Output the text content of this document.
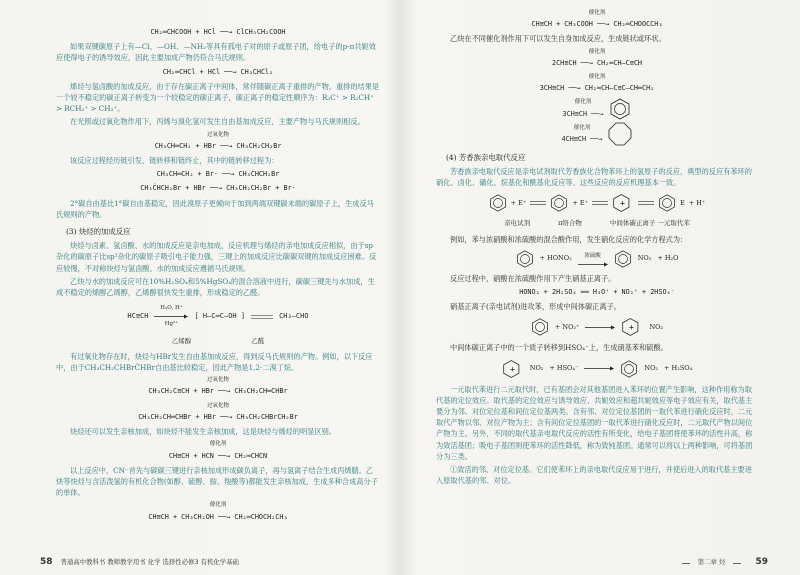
CH₂═CHCOOH + HCl ──→ ClCH₂CH₂COOH

如果双键碳原子上有—Cl、—OH、—NH₂等具有孤电子对的原子或原子团，给电子的p-π共轭效应使得电子的诱导效应，因此主要加成产物仍符合马氏规则。

CH₂═CHCl + HCl ──→ CH₃CHCl₂

烯烃与氢卤酸的加成反应，由于存在碳正离子中间体，常伴随碳正离子重排的产物。重排的结果是一个较不稳定的碳正离子转变为一个较稳定的碳正离子，碳正离子的稳定性顺序为：R₃C⁺ > R₂CH⁺ > RCH₂⁺ > CH₃⁺。

在光照或过氧化物作用下，丙烯与溴化氢可发生自由基加成反应，主要产物与马氏规则相反。

过氧化物
CH₃CH═CH₂ + HBr ──→ CH₃CH₂CH₂Br

该反应过程经历链引发、链转移和链终止，其中的链转移过程为：

CH₃CH═CH₂ + Br· ──→ CH₃ĊHCH₂Br
CH₃ĊHCH₂Br + HBr ──→ CH₃CH₂CH₂Br + Br·

2°碳自由基比1°碳自由基稳定，因此溴原子更倾向于加到两端双键碳末端的碳原子上，生成反马氏规则的产物。

(3) 炔烃的加成反应

炔烃与卤素、氢卤酸、水的加成反应是亲电加成，反应机理与烯烃的亲电加成反应相似，由于sp杂化的碳原子比sp²杂化的碳原子吸引电子能力强，三键上的加成反应比碳碳双键的加成反应困难。反应较慢，不对称炔烃与氢卤酸、水的加成反应遵循马氏规则。

乙炔与水的加成反应可在10%H₂SO₄和5%HgSO₄的混合溶液中进行，碳碳三键先与水加成，生成不稳定的烯醇乙烯醇，乙烯醇很快发生重排，形成稳定的乙醛。

HC≡CH
H₂O, H⁺
Hg²⁺
[ H—C═C—OH ]	CH₃—CHO
乙烯醇	乙醛

有过氧化物存在时，炔烃与HBr发生自由基加成反应，得到反马氏规则的产物。例如，以下反应中，由于CH₃CH₂CHBrĊHBr自由基比较稳定，因此产物是1,2-二溴丁烷。

过氧化物
CH₃CH₂C≡CH + HBr ──→ CH₃CH₂CH═CHBr
过氧化物
CH₃CH₂CH═CHBr + HBr ──→ CH₃CH₂CHBrCH₂Br

炔烃还可以发生亲核加成，如炔烃不能发生亲核加成，这是炔烃与烯烃的明显区别。

催化剂
CH≡CH + HCN ──→ CH₂═CHCN

以上反应中，CN⁻首先与碳碳三键进行亲核加成形成碳负离子，再与氢离子结合生成丙烯腈。乙炔等炔烃与含活泼氢的有机化合物(如醇、硫醇、胺、羧酸等)都能发生亲核加成，生成多种合成高分子的单体。

催化剂
CH≡CH + CH₃CH₂OH ──→ CH₂═CHOCH₂CH₃
58 普通高中教科书 教师教学用书 化学 选择性必修3 有机化学基础
催化剂
CH≡CH + CH₃COOH ──→ CH₂═CHOOCCH₃

乙炔在不同催化剂作用下可以发生自身加成反应，生成链状或环状。

催化剂
2CH≡CH ──→ CH₂═CH—C≡CH
催化剂
3CH≡CH ──→ CH₂═CH—C≡C—CH═CH₂
催化剂
3CH≡CH ──→
催化剂
4CH≡CH ──→
(4) 芳香族亲电取代反应

芳香族亲电取代反应是亲电试剂取代芳香族化合物苯环上的氢原子的反应，典型的反应有苯环的硝化、卤化、磺化、烷基化和酰基化反应等。这些反应的反应机理基本一致。

+ E⁺	+ E⁺	+	E + H⁺
亲电试剂	π络合物	中间体碳正离子 一元取代苯

例如，苯与浓硝酸和浓硫酸的混合酸作用，发生硝化反应的化学方程式为：

+ HONO₂ 浓硫酸	NO₂ + H₂O

反应过程中，硝酸在浓硫酸作用下产生硝基正离子。

HONO₂ + 2H₂SO₄ ══ H₃O⁺ + NO₂⁺ + 2HSO₄⁻

硝基正离子(亲电试剂)进攻苯，形成中间体碳正离子。

+ NO₂⁺	+ NO₂

中间体碳正离子中的一个质子转移到HSO₄⁻上，生成硝基苯和硫酸。

+ NO₂ + HSO₄⁻	NO₂ + H₂SO₄

一元取代苯进行二元取代时，已有基团会对其他基团进入苯环的位置产生影响，这种作用称为取代基的定位效应。取代基的定位效应与诱导效应、共轭效应和超共轭效应等电子效应有关，取代基主要分为邻、对位定位基和间位定位基两类。含有邻、对位定位基团的一取代苯进行硝化反应时，二元取代产物以邻、对位产物为主；含有间位定位基团的一取代苯进行硝化反应时，二元取代产物以间位产物为主。另外，不同的取代基亲电取代反应的活性有所变化，给电子基团将使苯环的活性升高，称为致活基团；吸电子基团则使苯环的活性降低，称为致钝基团。通常可以将以上两种影响，可将基团分为三类。

①致活的邻、对位定位基。它们使苯环上的亲电取代反应易于进行，并使后进入的取代基主要进入原取代基的邻、对位。

第二章 烃	59
